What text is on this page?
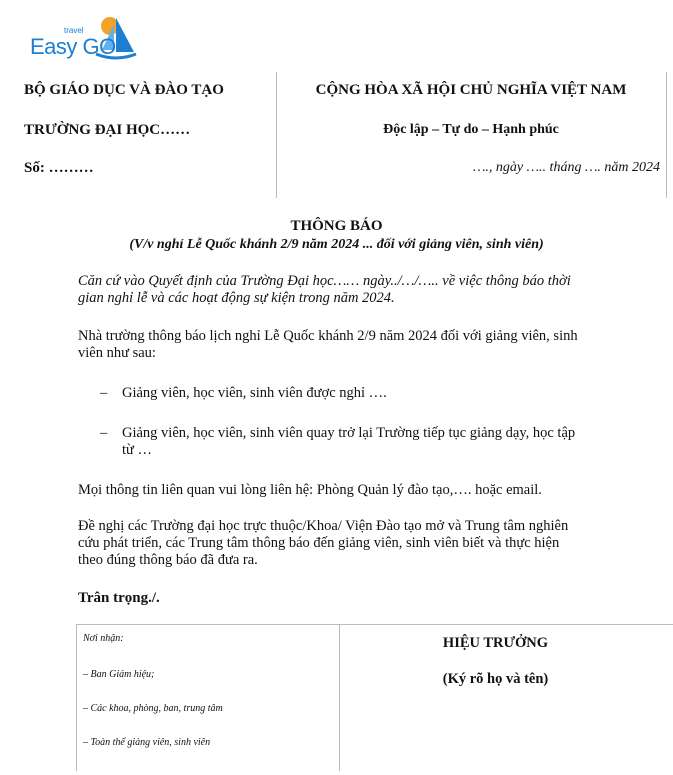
travel
Easy GO
BỘ GIÁO DỤC VÀ ĐÀO TẠO
TRƯỜNG ĐẠI HỌC……
Số: ………
CỘNG HÒA XÃ HỘI CHỦ NGHĨA VIỆT NAM
Độc lập – Tự do – Hạnh phúc
…., ngày ….. tháng …. năm 2024
THÔNG BÁO
(V/v nghỉ Lễ Quốc khánh 2/9 năm 2024 ... đối với giảng viên, sinh viên)
Căn cứ vào Quyết định của Trường Đại học…… ngày../…/….. về việc thông báo thời
gian nghỉ lễ và các hoạt động sự kiện trong năm 2024.
Nhà trường thông báo lịch nghỉ Lễ Quốc khánh 2/9 năm 2024 đối với giảng viên, sinh
viên như sau:
– Giảng viên, học viên, sinh viên được nghỉ ….
– Giảng viên, học viên, sinh viên quay trở lại Trường tiếp tục giảng dạy, học tập
từ …
Mọi thông tin liên quan vui lòng liên hệ: Phòng Quản lý đào tạo,…. hoặc email.
Đề nghị các Trường đại học trực thuộc/Khoa/ Viện Đào tạo mở và Trung tâm nghiên
cứu phát triển, các Trung tâm thông báo đến giảng viên, sinh viên biết và thực hiện
theo đúng thông báo đã đưa ra.
Trân trọng./.
Nơi nhận:
– Ban Giám hiệu;
– Các khoa, phòng, ban, trung tâm
– Toàn thể giảng viên, sinh viên
HIỆU TRƯỞNG
(Ký rõ họ và tên)
